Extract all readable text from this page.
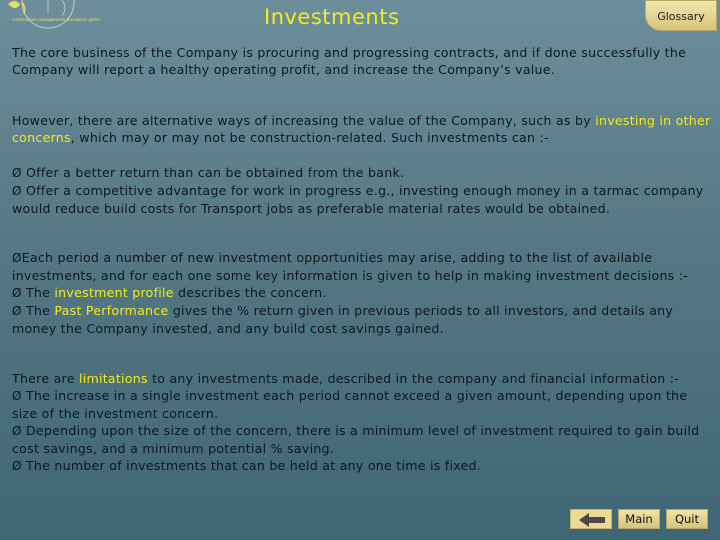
construction management simulation game	Investments	Glossary

The core business of the Company is procuring and progressing contracts, and if done successfully the Company will report a healthy operating profit, and increase the Company’s value.

However, there are alternative ways of increasing the value of the Company, such as by investing in other concerns, which may or may not be construction-related. Such investments can :-

Ø Offer a better return than can be obtained from the bank.

Ø Offer a competitive advantage for work in progress e.g., investing enough money in a tarmac company would reduce build costs for Transport jobs as preferable material rates would be obtained.

ØEach period a number of new investment opportunities may arise, adding to the list of available investments, and for each one some key information is given to help in making investment decisions :-

Ø The investment profile describes the concern.

Ø The Past Performance gives the % return given in previous periods to all investors, and details any money the Company invested, and any build cost savings gained.

There are limitations to any investments made, described in the company and financial information :-

Ø The increase in a single investment each period cannot exceed a given amount, depending upon the size of the investment concern.

Ø Depending upon the size of the concern, there is a minimum level of investment required to gain build cost savings, and a minimum potential % saving.

Ø The number of investments that can be held at any one time is fixed.

Main	Quit
